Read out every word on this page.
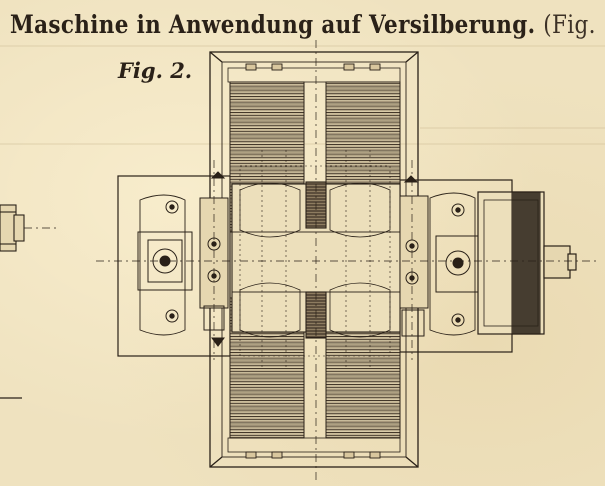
Maschine in Anwendung auf Versilberung. (Fig.
Fig. 2.
